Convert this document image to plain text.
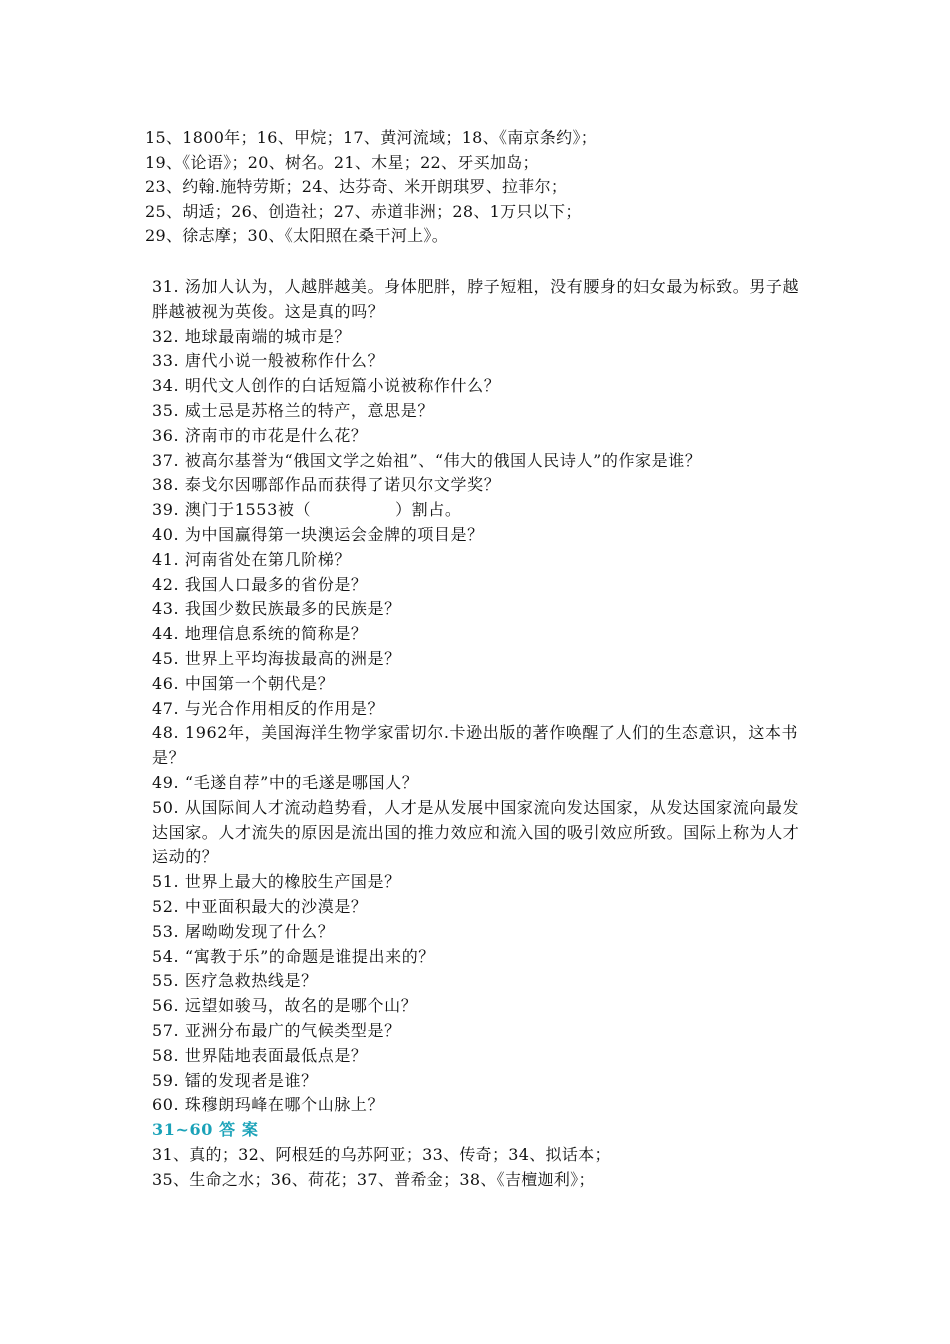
15、1800年；16、甲烷；17、黄河流域；18、《南京条约》；
19、《论语》；20、树名。21、木星；22、牙买加岛；
23、约翰.施特劳斯；24、达芬奇、米开朗琪罗、拉菲尔；
25、胡适；26、创造社；27、赤道非洲；28、1万只以下；
29、徐志摩；30、《太阳照在桑干河上》。
31. 汤加人认为，人越胖越美。身体肥胖，脖子短粗，没有腰身的妇女最为标致。男子越胖越被视为英俊。这是真的吗？
32. 地球最南端的城市是？
33. 唐代小说一般被称作什么？
34. 明代文人创作的白话短篇小说被称作什么？
35. 威士忌是苏格兰的特产，意思是？
36. 济南市的市花是什么花？
37. 被高尔基誉为“俄国文学之始祖”、“伟大的俄国人民诗人”的作家是谁？
38. 泰戈尔因哪部作品而获得了诺贝尔文学奖？
39. 澳门于1553被（	）割占。
40. 为中国赢得第一块澳运会金牌的项目是？
41. 河南省处在第几阶梯？
42. 我国人口最多的省份是？
43. 我国少数民族最多的民族是？
44. 地理信息系统的简称是？
45. 世界上平均海拔最高的洲是？
46. 中国第一个朝代是？
47. 与光合作用相反的作用是？
48. 1962年，美国海洋生物学家雷切尔.卡逊出版的著作唤醒了人们的生态意识，这本书是？
49. “毛遂自荐”中的毛遂是哪国人？
50. 从国际间人才流动趋势看，人才是从发展中国家流向发达国家，从发达国家流向最发达国家。人才流失的原因是流出国的推力效应和流入国的吸引效应所致。国际上称为人才运动的？
51. 世界上最大的橡胶生产国是？
52. 中亚面积最大的沙漠是？
53. 屠呦呦发现了什么？
54. “寓教于乐”的命题是谁提出来的？
55. 医疗急救热线是？
56. 远望如骏马，故名的是哪个山？
57. 亚洲分布最广的气候类型是？
58. 世界陆地表面最低点是？
59. 镭的发现者是谁？
60. 珠穆朗玛峰在哪个山脉上？
31~60 答 案
31、真的；32、阿根廷的乌苏阿亚；33、传奇；34、拟话本；
35、生命之水；36、荷花；37、普希金；38、《吉檀迦利》；
